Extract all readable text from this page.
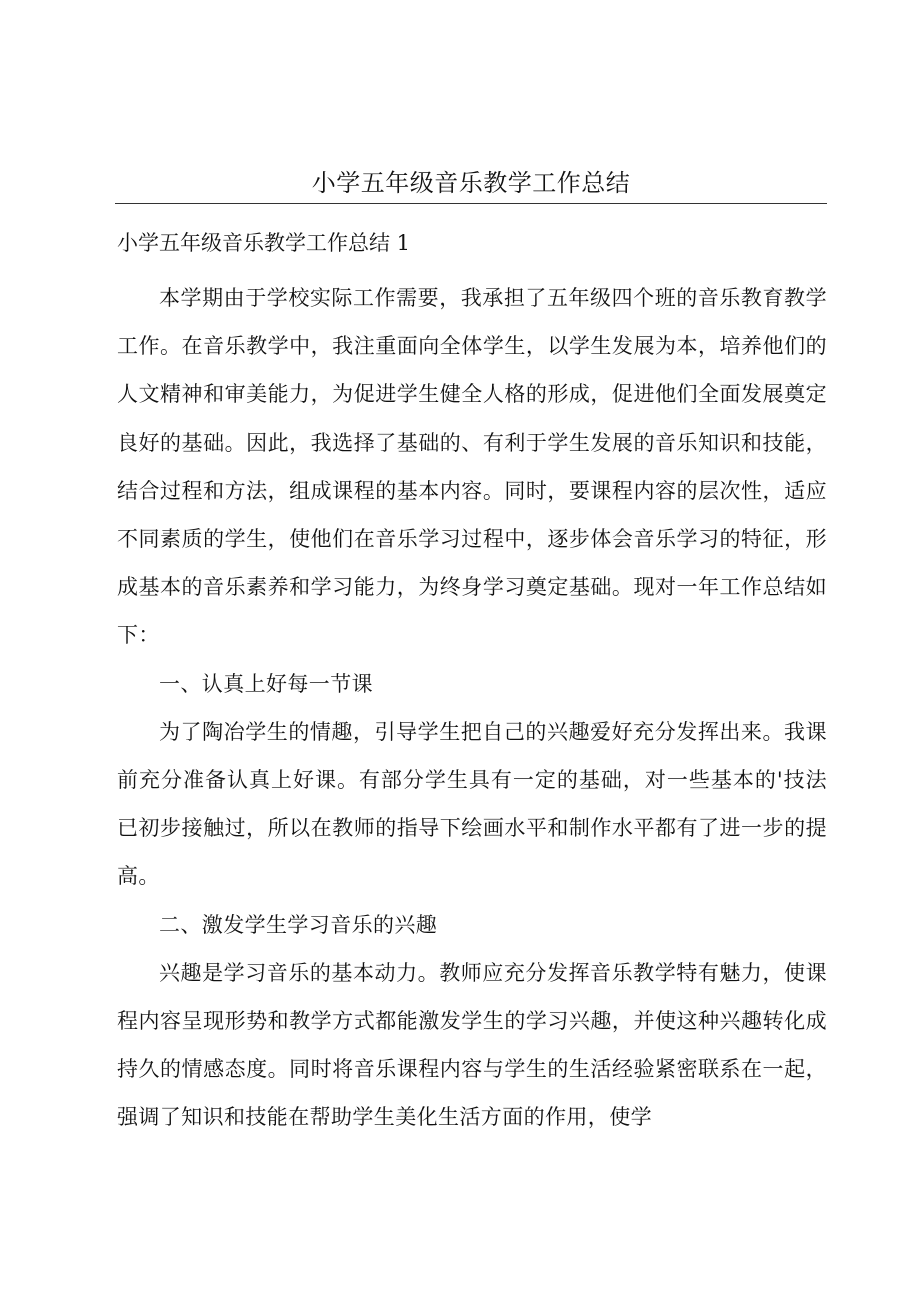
小学五年级音乐教学工作总结
小学五年级音乐教学工作总结 1

本学期由于学校实际工作需要，我承担了五年级四个班的音乐教育教学工作。在音乐教学中，我注重面向全体学生，以学生发展为本，培养他们的人文精神和审美能力，为促进学生健全人格的形成，促进他们全面发展奠定良好的基础。因此，我选择了基础的、有利于学生发展的音乐知识和技能，结合过程和方法，组成课程的基本内容。同时，要课程内容的层次性，适应不同素质的学生，使他们在音乐学习过程中，逐步体会音乐学习的特征，形成基本的音乐素养和学习能力，为终身学习奠定基础。现对一年工作总结如下：

一、认真上好每一节课

为了陶冶学生的情趣，引导学生把自己的兴趣爱好充分发挥出来。我课前充分准备认真上好课。有部分学生具有一定的基础，对一些基本的'技法已初步接触过，所以在教师的指导下绘画水平和制作水平都有了进一步的提高。

二、激发学生学习音乐的兴趣

兴趣是学习音乐的基本动力。教师应充分发挥音乐教学特有魅力，使课程内容呈现形势和教学方式都能激发学生的学习兴趣，并使这种兴趣转化成持久的情感态度。同时将音乐课程内容与学生的生活经验紧密联系在一起，强调了知识和技能在帮助学生美化生活方面的作用，使学
